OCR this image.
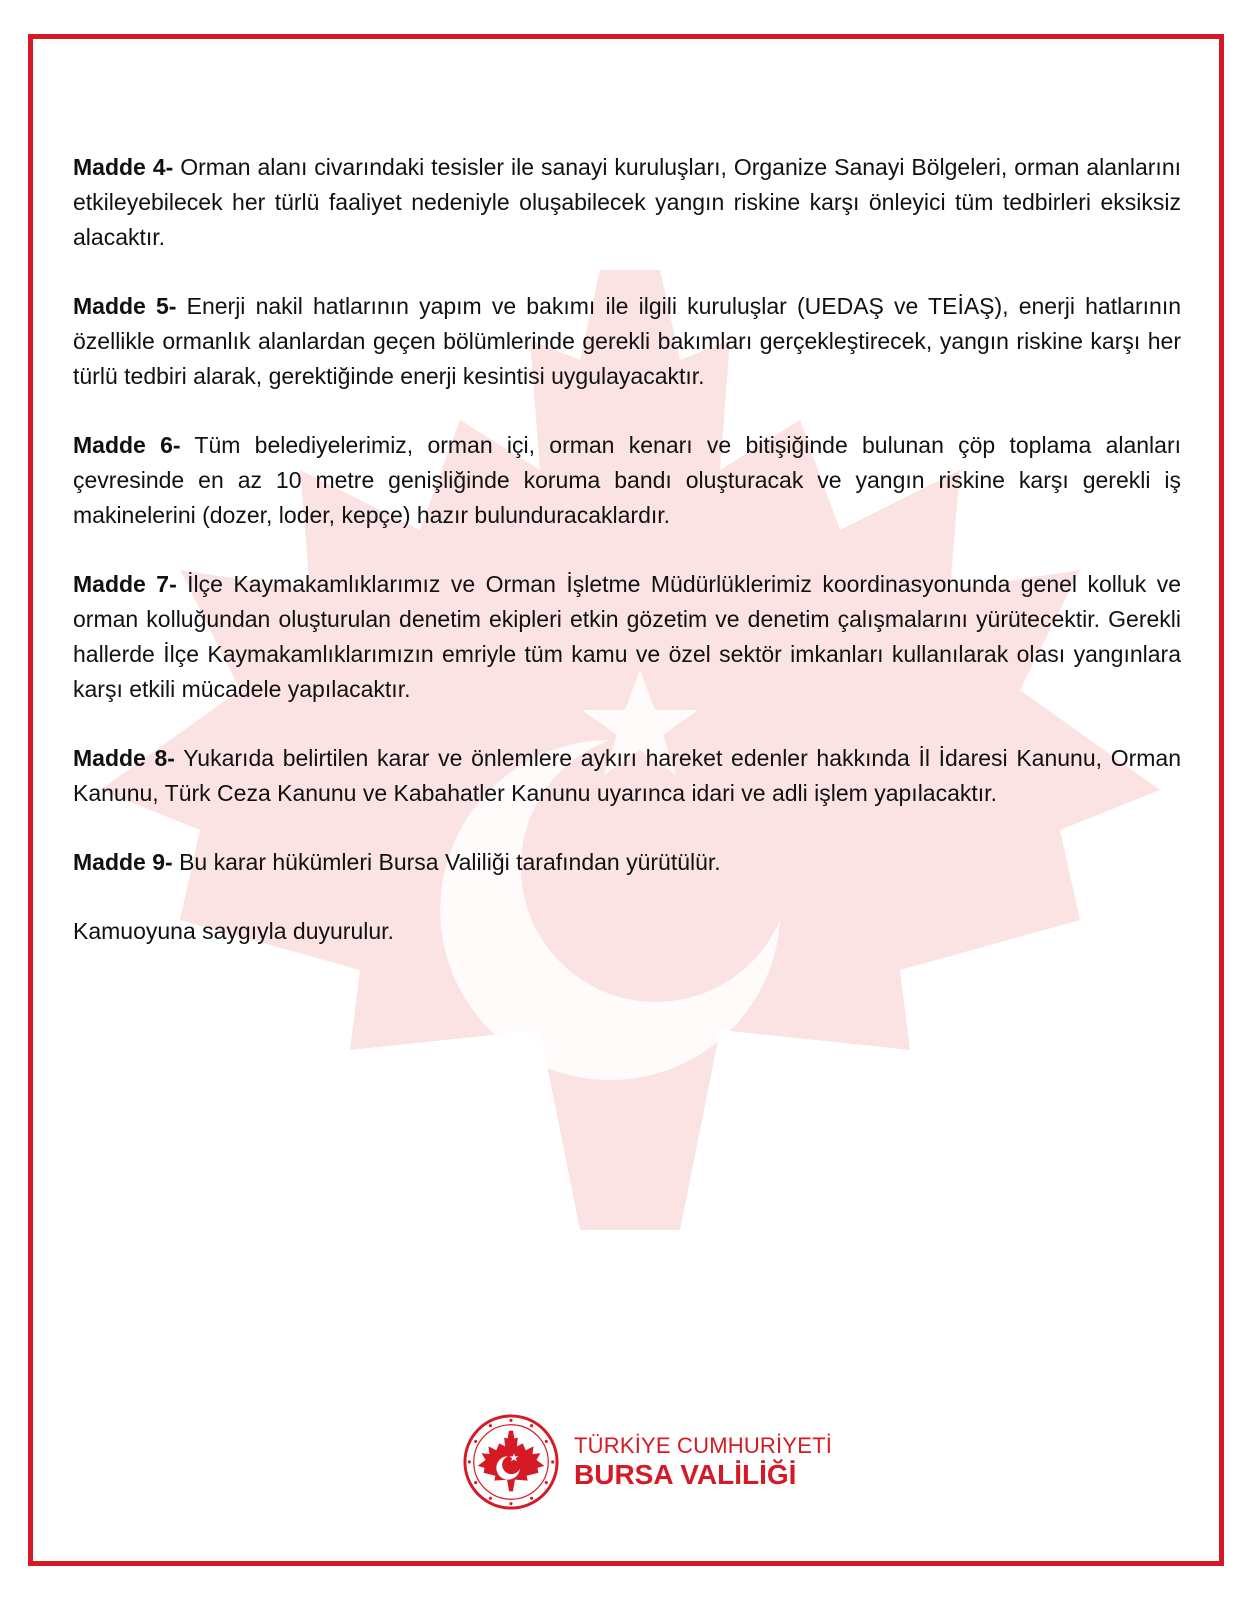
Madde 4- Orman alanı civarındaki tesisler ile sanayi kuruluşları, Organize Sanayi Bölgeleri, orman alanlarını etkileyebilecek her türlü faaliyet nedeniyle oluşabilecek yangın riskine karşı önleyici tüm tedbirleri eksiksiz alacaktır.

Madde 5- Enerji nakil hatlarının yapım ve bakımı ile ilgili kuruluşlar (UEDAŞ ve TEİAŞ), enerji hatlarının özellikle ormanlık alanlardan geçen bölümlerinde gerekli bakımları gerçekleştirecek, yangın riskine karşı her türlü tedbiri alarak, gerektiğinde enerji kesintisi uygulayacaktır.

Madde 6- Tüm belediyelerimiz, orman içi, orman kenarı ve bitişiğinde bulunan çöp toplama alanları çevresinde en az 10 metre genişliğinde koruma bandı oluşturacak ve yangın riskine karşı gerekli iş makinelerini (dozer, loder, kepçe) hazır bulunduracaklardır.

Madde 7- İlçe Kaymakamlıklarımız ve Orman İşletme Müdürlüklerimiz koordinasyonunda genel kolluk ve orman kolluğundan oluşturulan denetim ekipleri etkin gözetim ve denetim çalışmalarını yürütecektir. Gerekli hallerde İlçe Kaymakamlıklarımızın emriyle tüm kamu ve özel sektör imkanları kullanılarak olası yangınlara karşı etkili mücadele yapılacaktır.

Madde 8- Yukarıda belirtilen karar ve önlemlere aykırı hareket edenler hakkında İl İdaresi Kanunu, Orman Kanunu, Türk Ceza Kanunu ve Kabahatler Kanunu uyarınca idari ve adli işlem yapılacaktır.

Madde 9- Bu karar hükümleri Bursa Valiliği tarafından yürütülür.

Kamuoyuna saygıyla duyurulur.

TÜRKİYE CUMHURİYETİ
BURSA VALİLİĞİ
